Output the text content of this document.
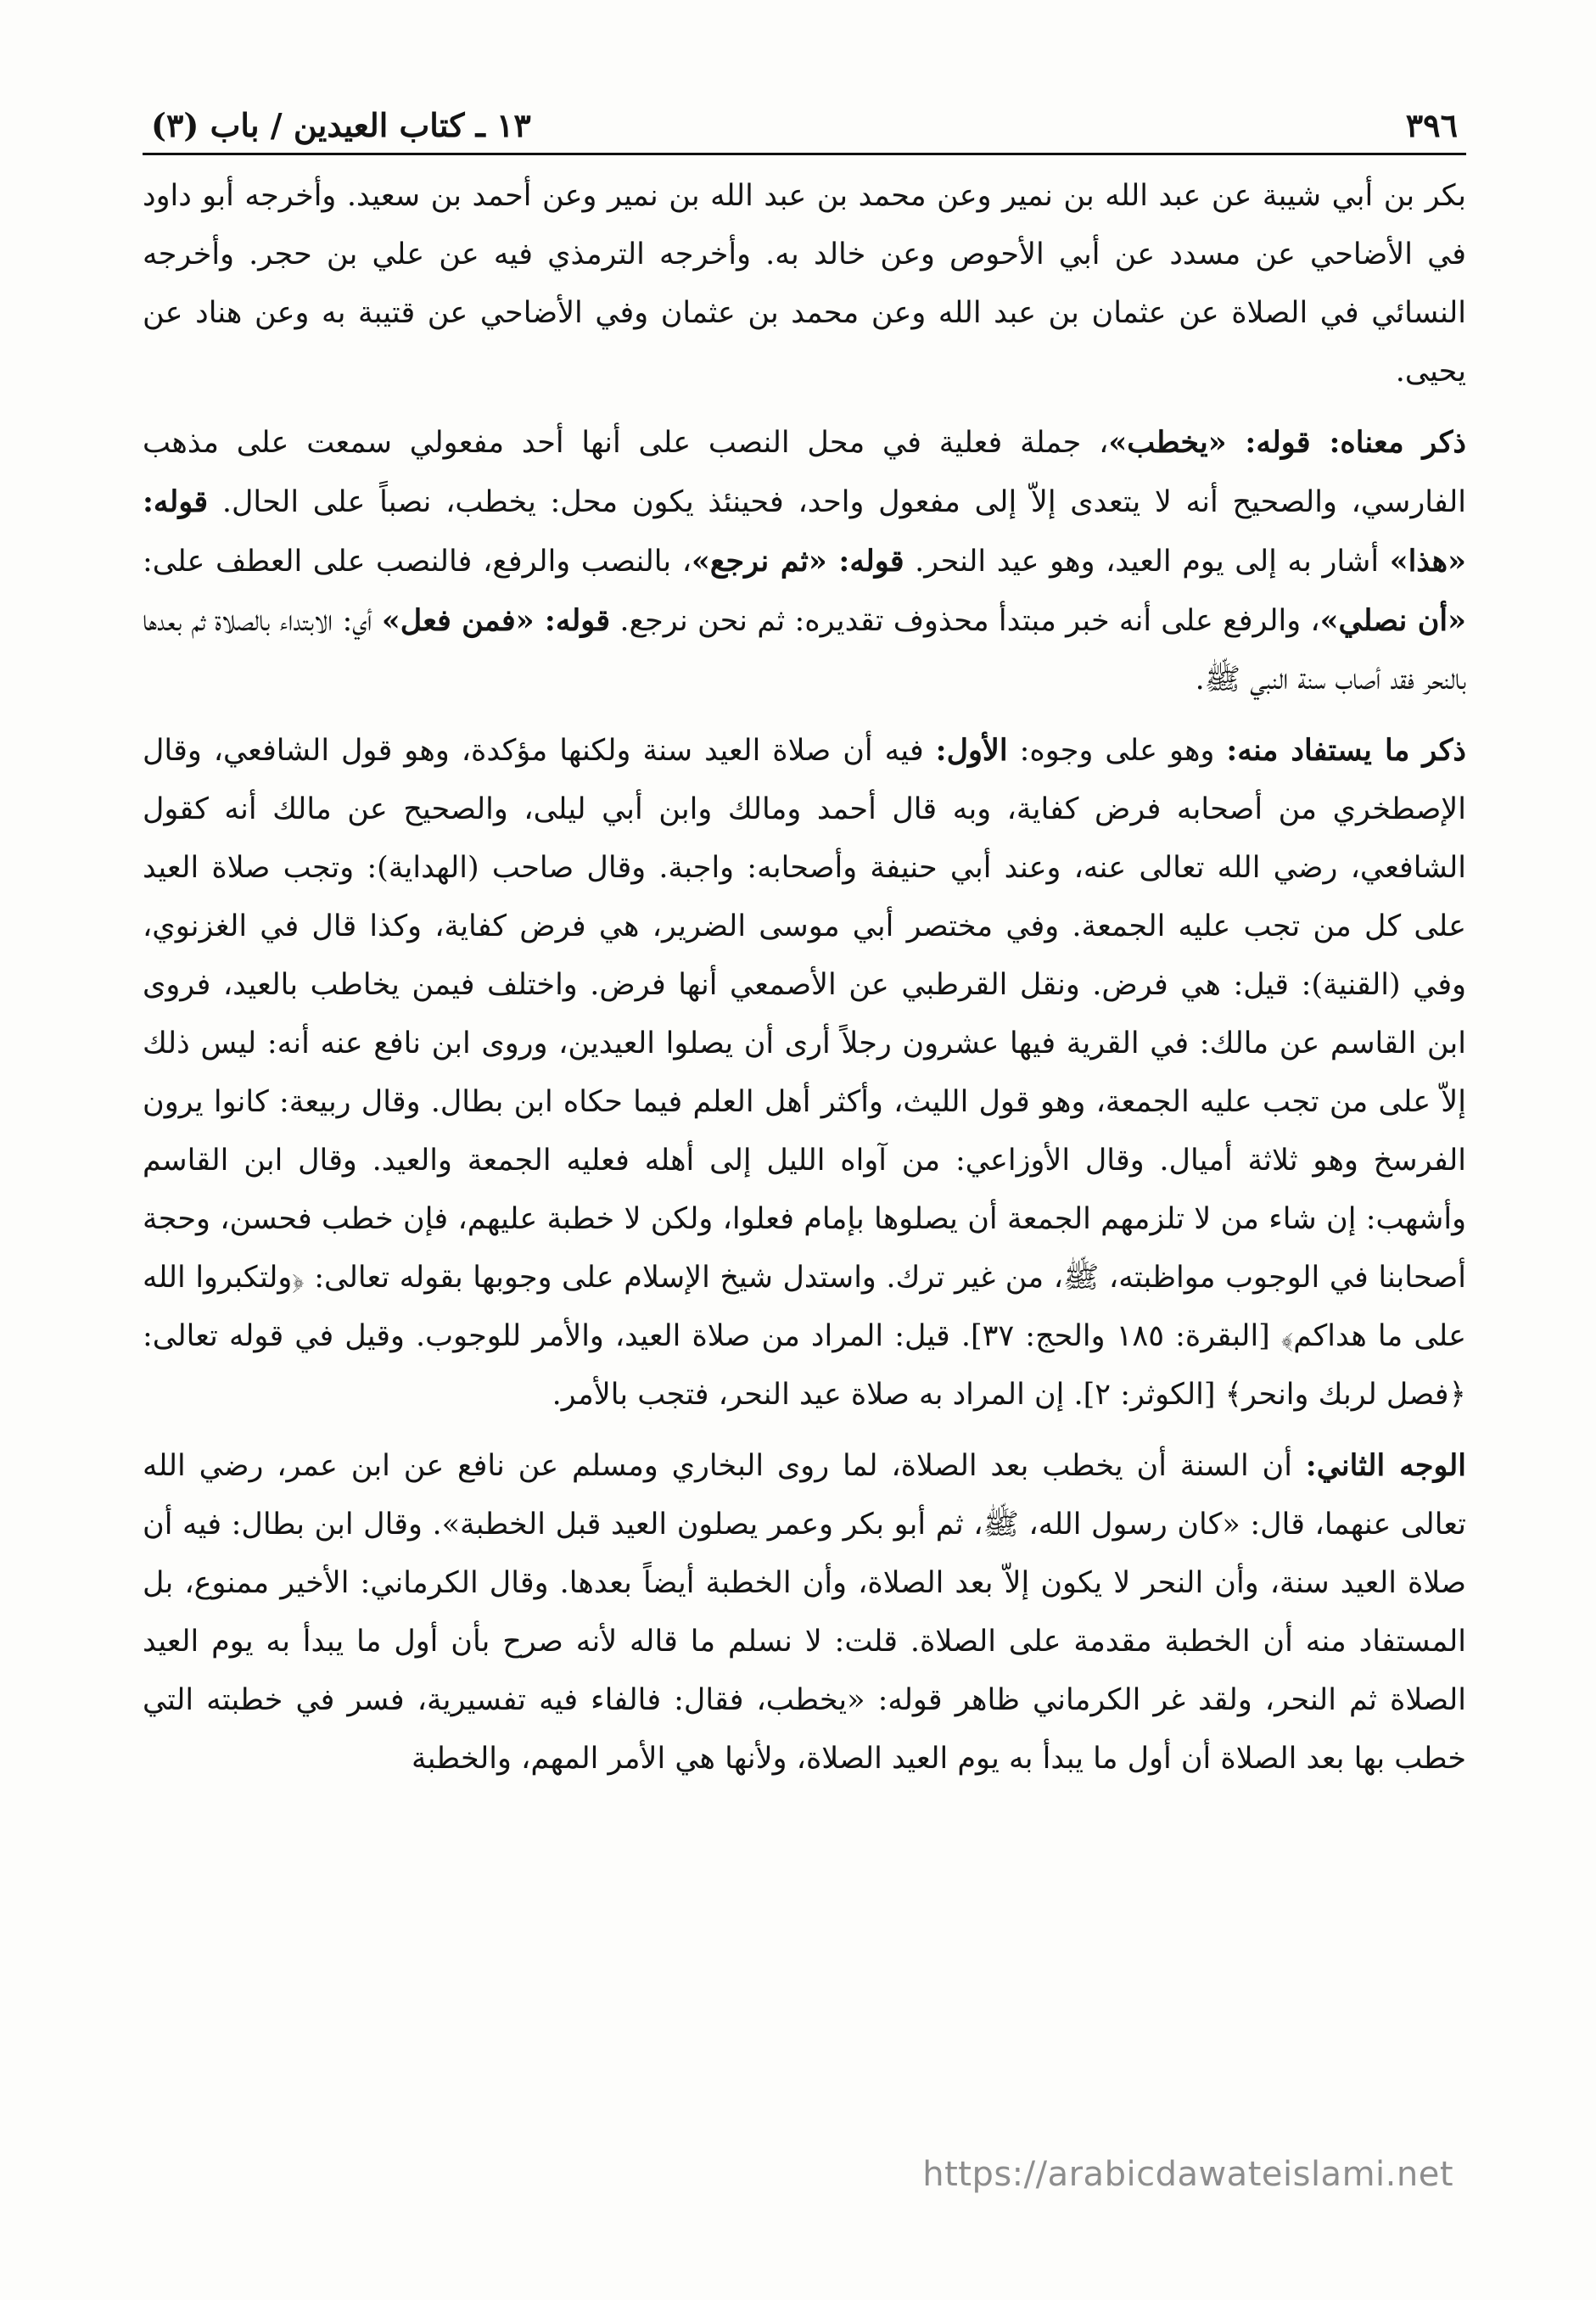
٣٩٦
١٣ ـ كتاب العيدين / باب (٣)

بكر بن أبي شيبة عن عبد الله بن نمير وعن محمد بن عبد الله بن نمير وعن أحمد بن سعيد. وأخرجه أبو داود في الأضاحي عن مسدد عن أبي الأحوص وعن خالد به. وأخرجه الترمذي فيه عن علي بن حجر. وأخرجه النسائي في الصلاة عن عثمان بن عبد الله وعن محمد بن عثمان وفي الأضاحي عن قتيبة به وعن هناد عن يحيى.

ذكر معناه: قوله: «يخطب»، جملة فعلية في محل النصب على أنها أحد مفعولي سمعت على مذهب الفارسي، والصحيح أنه لا يتعدى إلاّ إلى مفعول واحد، فحينئذ يكون محل: يخطب، نصباً على الحال. قوله: «هذا» أشار به إلى يوم العيد، وهو عيد النحر. قوله: «ثم نرجع»، بالنصب والرفع، فالنصب على العطف على: «أن نصلي»، والرفع على أنه خبر مبتدأ محذوف تقديره: ثم نحن نرجع. قوله: «فمن فعل» أي: الابتداء بالصلاة ثم بعدها بالنحر فقد أصاب سنة النبي ﷺ.

ذكر ما يستفاد منه: وهو على وجوه: الأول: فيه أن صلاة العيد سنة ولكنها مؤكدة، وهو قول الشافعي، وقال الإصطخري من أصحابه فرض كفاية، وبه قال أحمد ومالك وابن أبي ليلى، والصحيح عن مالك أنه كقول الشافعي، رضي الله تعالى عنه، وعند أبي حنيفة وأصحابه: واجبة. وقال صاحب (الهداية): وتجب صلاة العيد على كل من تجب عليه الجمعة. وفي مختصر أبي موسى الضرير، هي فرض كفاية، وكذا قال في الغزنوي، وفي (القنية): قيل: هي فرض. ونقل القرطبي عن الأصمعي أنها فرض. واختلف فيمن يخاطب بالعيد، فروى ابن القاسم عن مالك: في القرية فيها عشرون رجلاً أرى أن يصلوا العيدين، وروى ابن نافع عنه أنه: ليس ذلك إلاّ على من تجب عليه الجمعة، وهو قول الليث، وأكثر أهل العلم فيما حكاه ابن بطال. وقال ربيعة: كانوا يرون الفرسخ وهو ثلاثة أميال. وقال الأوزاعي: من آواه الليل إلى أهله فعليه الجمعة والعيد. وقال ابن القاسم وأشهب: إن شاء من لا تلزمهم الجمعة أن يصلوها بإمام فعلوا، ولكن لا خطبة عليهم، فإن خطب فحسن، وحجة أصحابنا في الوجوب مواظبته، ﷺ، من غير ترك. واستدل شيخ الإسلام على وجوبها بقوله تعالى: ﴿ولتكبروا الله على ما هداكم﴾ [البقرة: ١٨٥ والحج: ٣٧]. قيل: المراد من صلاة العيد، والأمر للوجوب. وقيل في قوله تعالى: ﴿فصل لربك وانحر﴾ [الكوثر: ٢]. إن المراد به صلاة عيد النحر، فتجب بالأمر.

الوجه الثاني: أن السنة أن يخطب بعد الصلاة، لما روى البخاري ومسلم عن نافع عن ابن عمر، رضي الله تعالى عنهما، قال: «كان رسول الله، ﷺ، ثم أبو بكر وعمر يصلون العيد قبل الخطبة». وقال ابن بطال: فيه أن صلاة العيد سنة، وأن النحر لا يكون إلاّ بعد الصلاة، وأن الخطبة أيضاً بعدها. وقال الكرماني: الأخير ممنوع، بل المستفاد منه أن الخطبة مقدمة على الصلاة. قلت: لا نسلم ما قاله لأنه صرح بأن أول ما يبدأ به يوم العيد الصلاة ثم النحر، ولقد غر الكرماني ظاهر قوله: «يخطب، فقال: فالفاء فيه تفسيرية، فسر في خطبته التي خطب بها بعد الصلاة أن أول ما يبدأ به يوم العيد الصلاة، ولأنها هي الأمر المهم، والخطبة

https://arabicdawateislami.net
